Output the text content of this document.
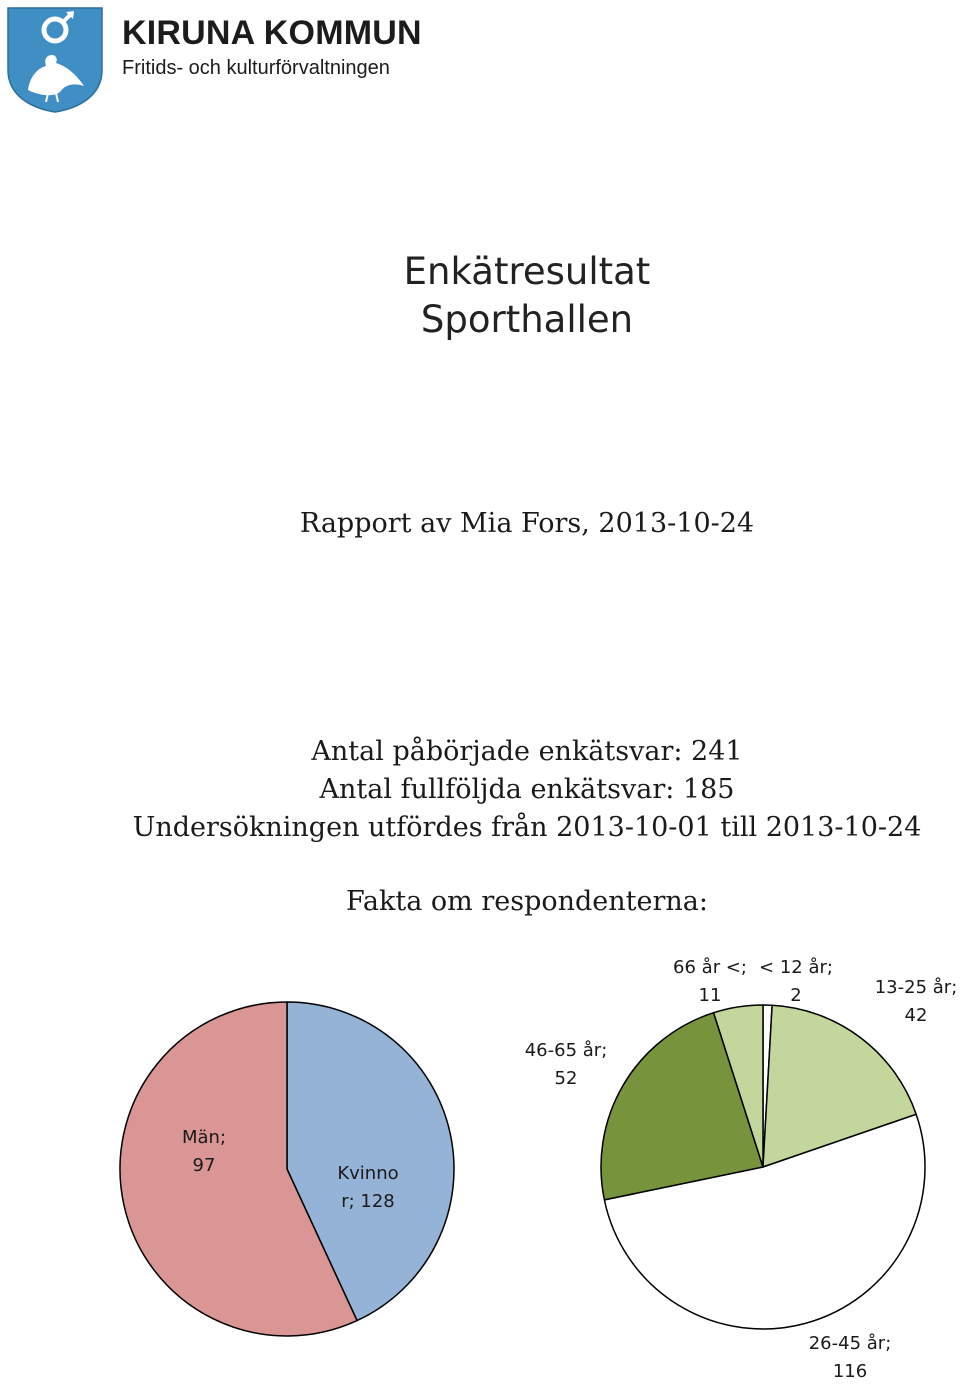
KIRUNA KOMMUN
Fritids- och kulturförvaltningen
Enkätresultat
Sporthallen
Rapport av Mia Fors, 2013-10-24
Antal påbörjade enkätsvar: 241
Antal fullföljda enkätsvar: 185
Undersökningen utfördes från 2013-10-01 till 2013-10-24
Fakta om respondenterna:
Män;
97	Kvinno
r; 128
< 12 år;
2	13-25 år;
42
26-45 år;
116
46-65 år;
52
66 år <;
11
